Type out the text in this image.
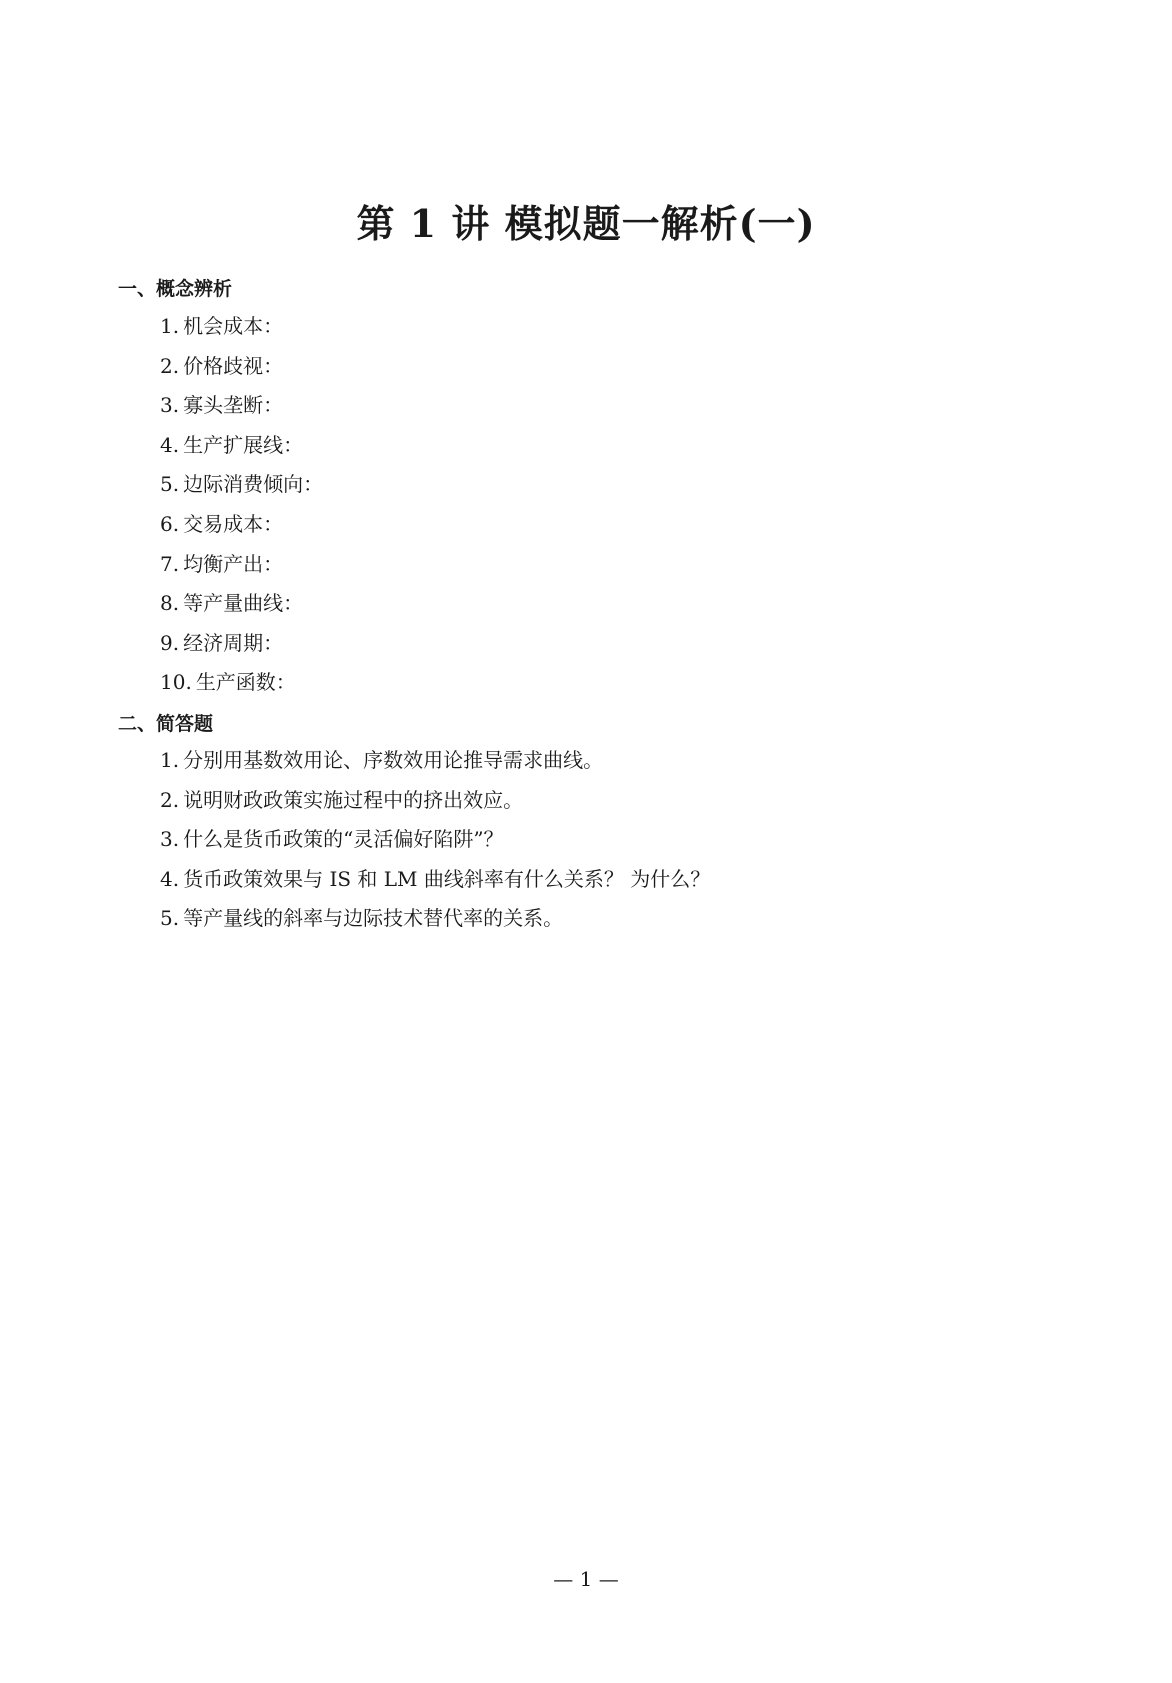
第 1 讲 模拟题一解析(一)
一、概念辨析
1. 机会成本：
2. 价格歧视：
3. 寡头垄断：
4. 生产扩展线：
5. 边际消费倾向：
6. 交易成本：
7. 均衡产出：
8. 等产量曲线：
9. 经济周期：
10. 生产函数：
二、简答题
1. 分别用基数效用论、序数效用论推导需求曲线。
2. 说明财政政策实施过程中的挤出效应。
3. 什么是货币政策的“灵活偏好陷阱”？
4. 货币政策效果与 IS 和 LM 曲线斜率有什么关系？ 为什么？
5. 等产量线的斜率与边际技术替代率的关系。
— 1 —
